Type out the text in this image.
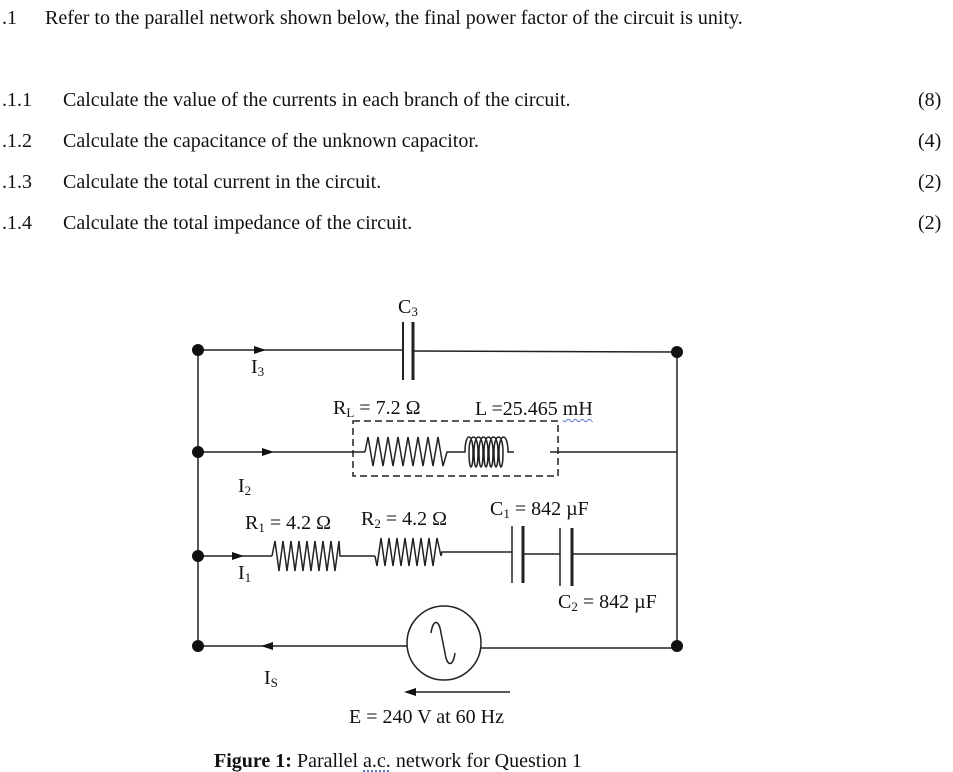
.1 Refer to the parallel network shown below, the final power factor of the circuit is unity.
.1.1 Calculate the value of the currents in each branch of the circuit.	(8)
.1.2 Calculate the capacitance of the unknown capacitor.	(4)
.1.3 Calculate the total current in the circuit.	(2)
.1.4 Calculate the total impedance of the circuit.	(2)
$C_3$
$I_3$
$R_L = 7.2$ Ω	L =25.465 mH
$I_2$
$R_1 = 4.2$ Ω $R_2 = 4.2$ Ω $C_1 = 842$ µF
$I_1$
$C_2 = 842$ µF
$I_S$
E = 240 V at 60 Hz
Figure 1: Parallel a.c. network for Question 1
